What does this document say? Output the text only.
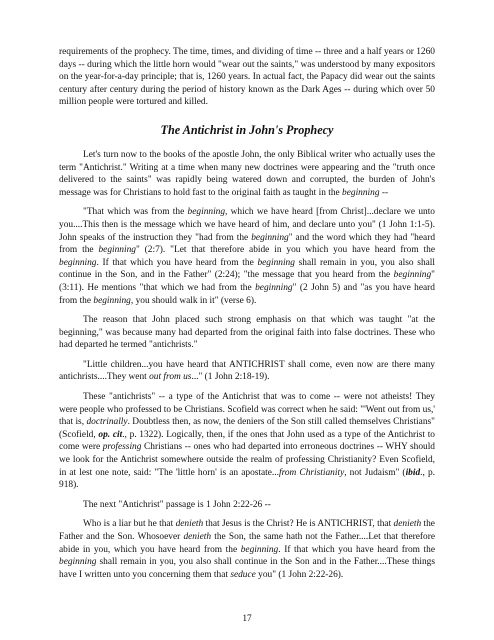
requirements of the prophecy. The time, times, and dividing of time -- three and a half years or 1260 days -- during which the little horn would "wear out the saints," was understood by many expositors on the year-for-a-day principle; that is, 1260 years. In actual fact, the Papacy did wear out the saints century after century during the period of history known as the Dark Ages -- during which over 50 million people were tortured and killed.

The Antichrist in John's Prophecy

Let's turn now to the books of the apostle John, the only Biblical writer who actually uses the term "Antichrist." Writing at a time when many new doctrines were appearing and the "truth once delivered to the saints" was rapidly being watered down and corrupted, the burden of John's message was for Christians to hold fast to the original faith as taught in the beginning --

"That which was from the beginning, which we have heard [from Christ]...declare we unto you....This then is the message which we have heard of him, and declare unto you" (1 John 1:1-5). John speaks of the instruction they "had from the beginning" and the word which they had "heard from the beginning" (2:7). "Let that therefore abide in you which you have heard from the beginning. If that which you have heard from the beginning shall remain in you, you also shall continue in the Son, and in the Father" (2:24); "the message that you heard from the beginning" (3:11). He mentions "that which we had from the beginning" (2 John 5) and "as you have heard from the beginning, you should walk in it" (verse 6).

The reason that John placed such strong emphasis on that which was taught "at the beginning," was because many had departed from the original faith into false doctrines. These who had departed he termed "antichrists."

"Little children...you have heard that ANTICHRIST shall come, even now are there many antichrists....They went out from us..." (1 John 2:18-19).

These "antichrists" -- a type of the Antichrist that was to come -- were not atheists! They were people who professed to be Christians. Scofield was correct when he said: "'Went out from us,' that is, doctrinally. Doubtless then, as now, the deniers of the Son still called themselves Christians" (Scofield, op. cit., p. 1322). Logically, then, if the ones that John used as a type of the Antichrist to come were professing Christians -- ones who had departed into erroneous doctrines -- WHY should we look for the Antichrist somewhere outside the realm of professing Christianity? Even Scofield, in at lest one note, said: "The 'little horn' is an apostate...from Christianity, not Judaism" (ibid., p. 918).

The next "Antichrist" passage is 1 John 2:22-26 --

Who is a liar but he that denieth that Jesus is the Christ? He is ANTICHRIST, that denieth the Father and the Son. Whosoever denieth the Son, the same hath not the Father....Let that therefore abide in you, which you have heard from the beginning. If that which you have heard from the beginning shall remain in you, you also shall continue in the Son and in the Father....These things have I written unto you concerning them that seduce you" (1 John 2:22-26).

17
